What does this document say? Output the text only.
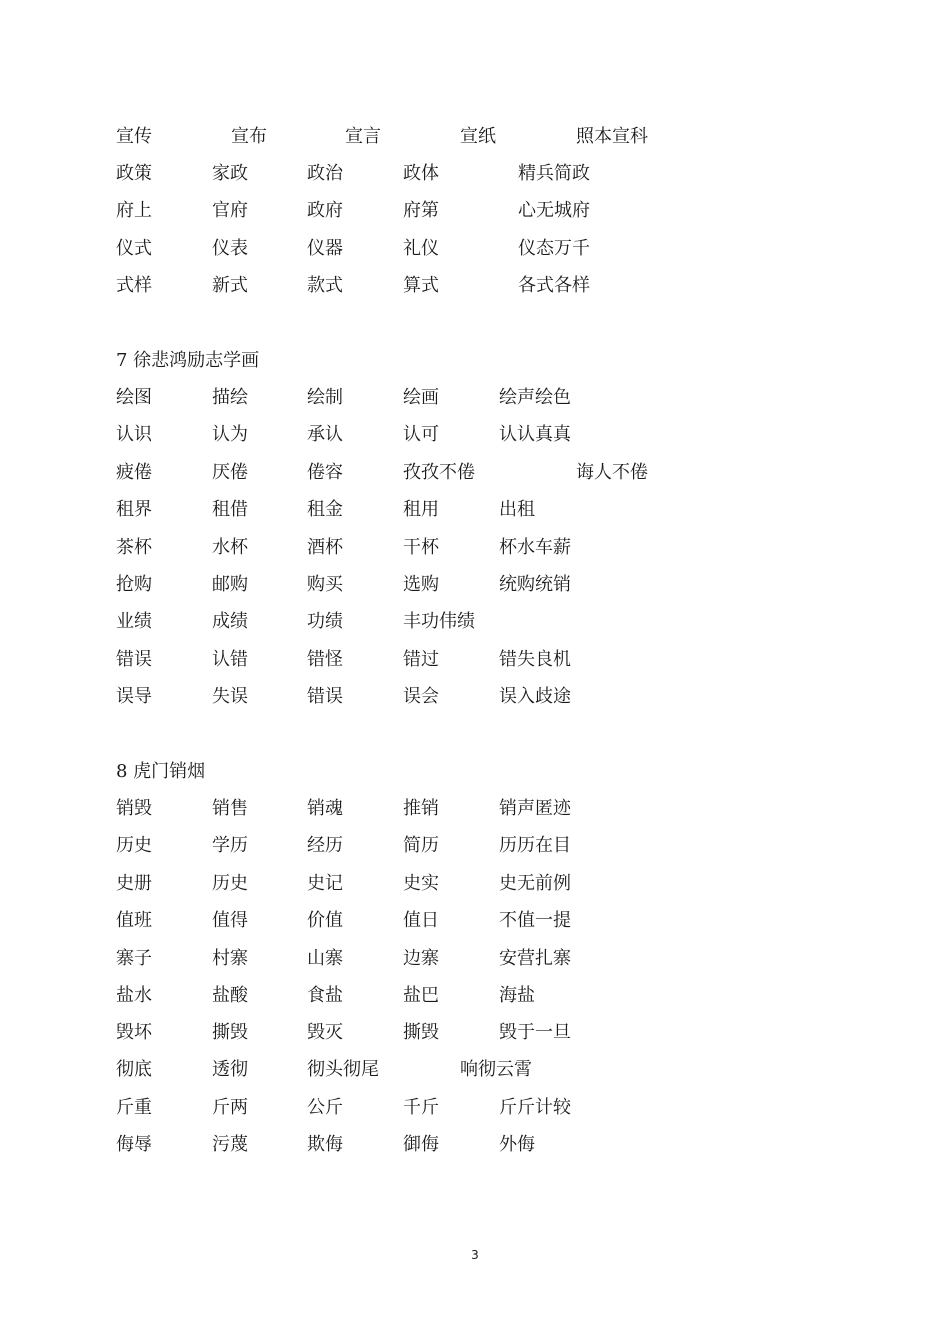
宣传	宣布	宣言	宣纸	照本宣科
政策	家政	政治	政体	精兵简政
府上	官府	政府	府第	心无城府
仪式	仪表	仪器	礼仪	仪态万千
式样	新式	款式	算式	各式各样
7 徐悲鸿励志学画
绘图	描绘	绘制	绘画	绘声绘色
认识	认为	承认	认可	认认真真
疲倦	厌倦	倦容	孜孜不倦	诲人不倦
租界	租借	租金	租用	出租
茶杯	水杯	酒杯	干杯	杯水车薪
抢购	邮购	购买	选购	统购统销
业绩	成绩	功绩	丰功伟绩
错误	认错	错怪	错过	错失良机
误导	失误	错误	误会	误入歧途
8 虎门销烟
销毁	销售	销魂	推销	销声匿迹
历史	学历	经历	简历	历历在目
史册	历史	史记	史实	史无前例
值班	值得	价值	值日	不值一提
寨子	村寨	山寨	边寨	安营扎寨
盐水	盐酸	食盐	盐巴	海盐
毁坏	撕毁	毁灭	撕毁	毁于一旦
彻底	透彻	彻头彻尾	响彻云霄
斤重	斤两	公斤	千斤	斤斤计较
侮辱	污蔑	欺侮	御侮	外侮
3
